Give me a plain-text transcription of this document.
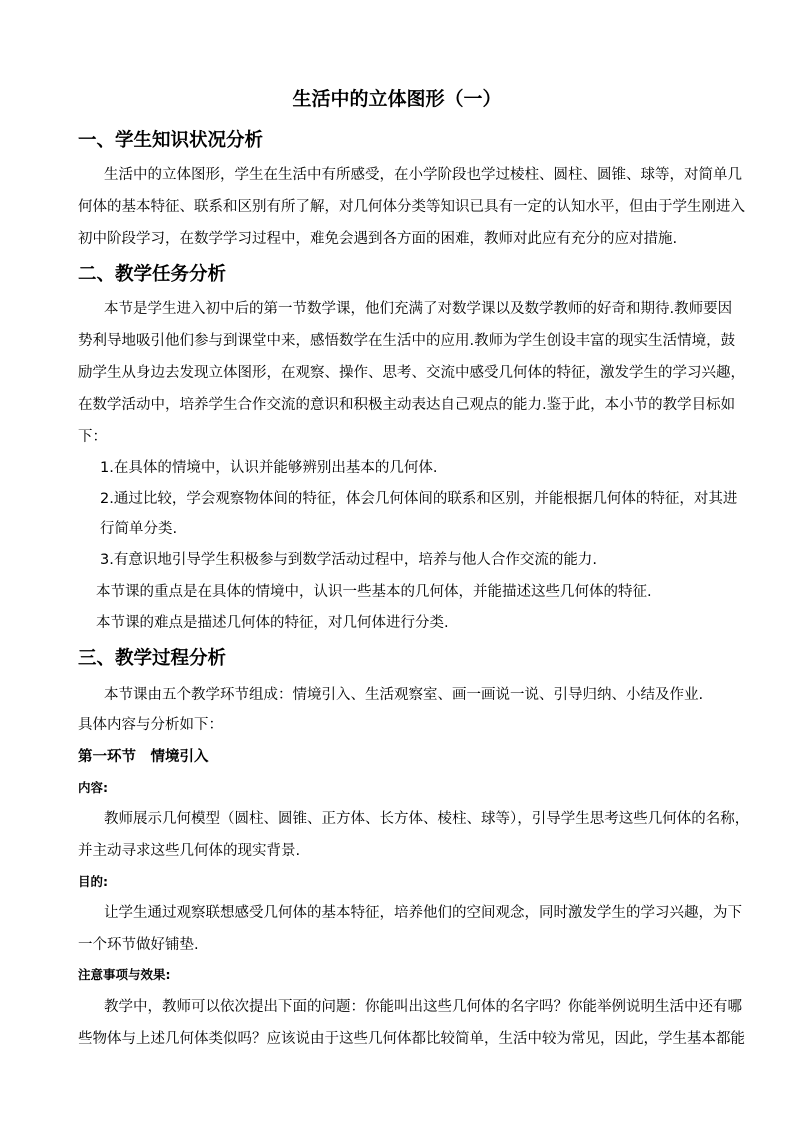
生活中的立体图形（一）
一、学生知识状况分析
生活中的立体图形，学生在生活中有所感受，在小学阶段也学过棱柱、圆柱、圆锥、球等，对简单几
何体的基本特征、联系和区别有所了解，对几何体分类等知识已具有一定的认知水平，但由于学生刚进入
初中阶段学习，在数学学习过程中，难免会遇到各方面的困难，教师对此应有充分的应对措施.
二、教学任务分析
本节是学生进入初中后的第一节数学课，他们充满了对数学课以及数学教师的好奇和期待.教师要因
势利导地吸引他们参与到课堂中来，感悟数学在生活中的应用.教师为学生创设丰富的现实生活情境，鼓
励学生从身边去发现立体图形，在观察、操作、思考、交流中感受几何体的特征，激发学生的学习兴趣，
在数学活动中，培养学生合作交流的意识和积极主动表达自己观点的能力.鉴于此，本小节的教学目标如
下：
1.在具体的情境中，认识并能够辨别出基本的几何体.
2.通过比较，学会观察物体间的特征，体会几何体间的联系和区别，并能根据几何体的特征，对其进
行简单分类.
3.有意识地引导学生积极参与到数学活动过程中，培养与他人合作交流的能力.
本节课的重点是在具体的情境中，认识一些基本的几何体，并能描述这些几何体的特征.
本节课的难点是描述几何体的特征，对几何体进行分类.
三、教学过程分析
本节课由五个教学环节组成：情境引入、生活观察室、画一画说一说、引导归纳、小结及作业.
具体内容与分析如下：
第一环节　情境引入
内容:
教师展示几何模型（圆柱、圆锥、正方体、长方体、棱柱、球等），引导学生思考这些几何体的名称，
并主动寻求这些几何体的现实背景.
目的:
让学生通过观察联想感受几何体的基本特征，培养他们的空间观念，同时激发学生的学习兴趣，为下
一个环节做好铺垫.
注意事项与效果:
教学中，教师可以依次提出下面的问题：你能叫出这些几何体的名字吗？你能举例说明生活中还有哪
些物体与上述几何体类似吗？应该说由于这些几何体都比较简单，生活中较为常见，因此，学生基本都能
